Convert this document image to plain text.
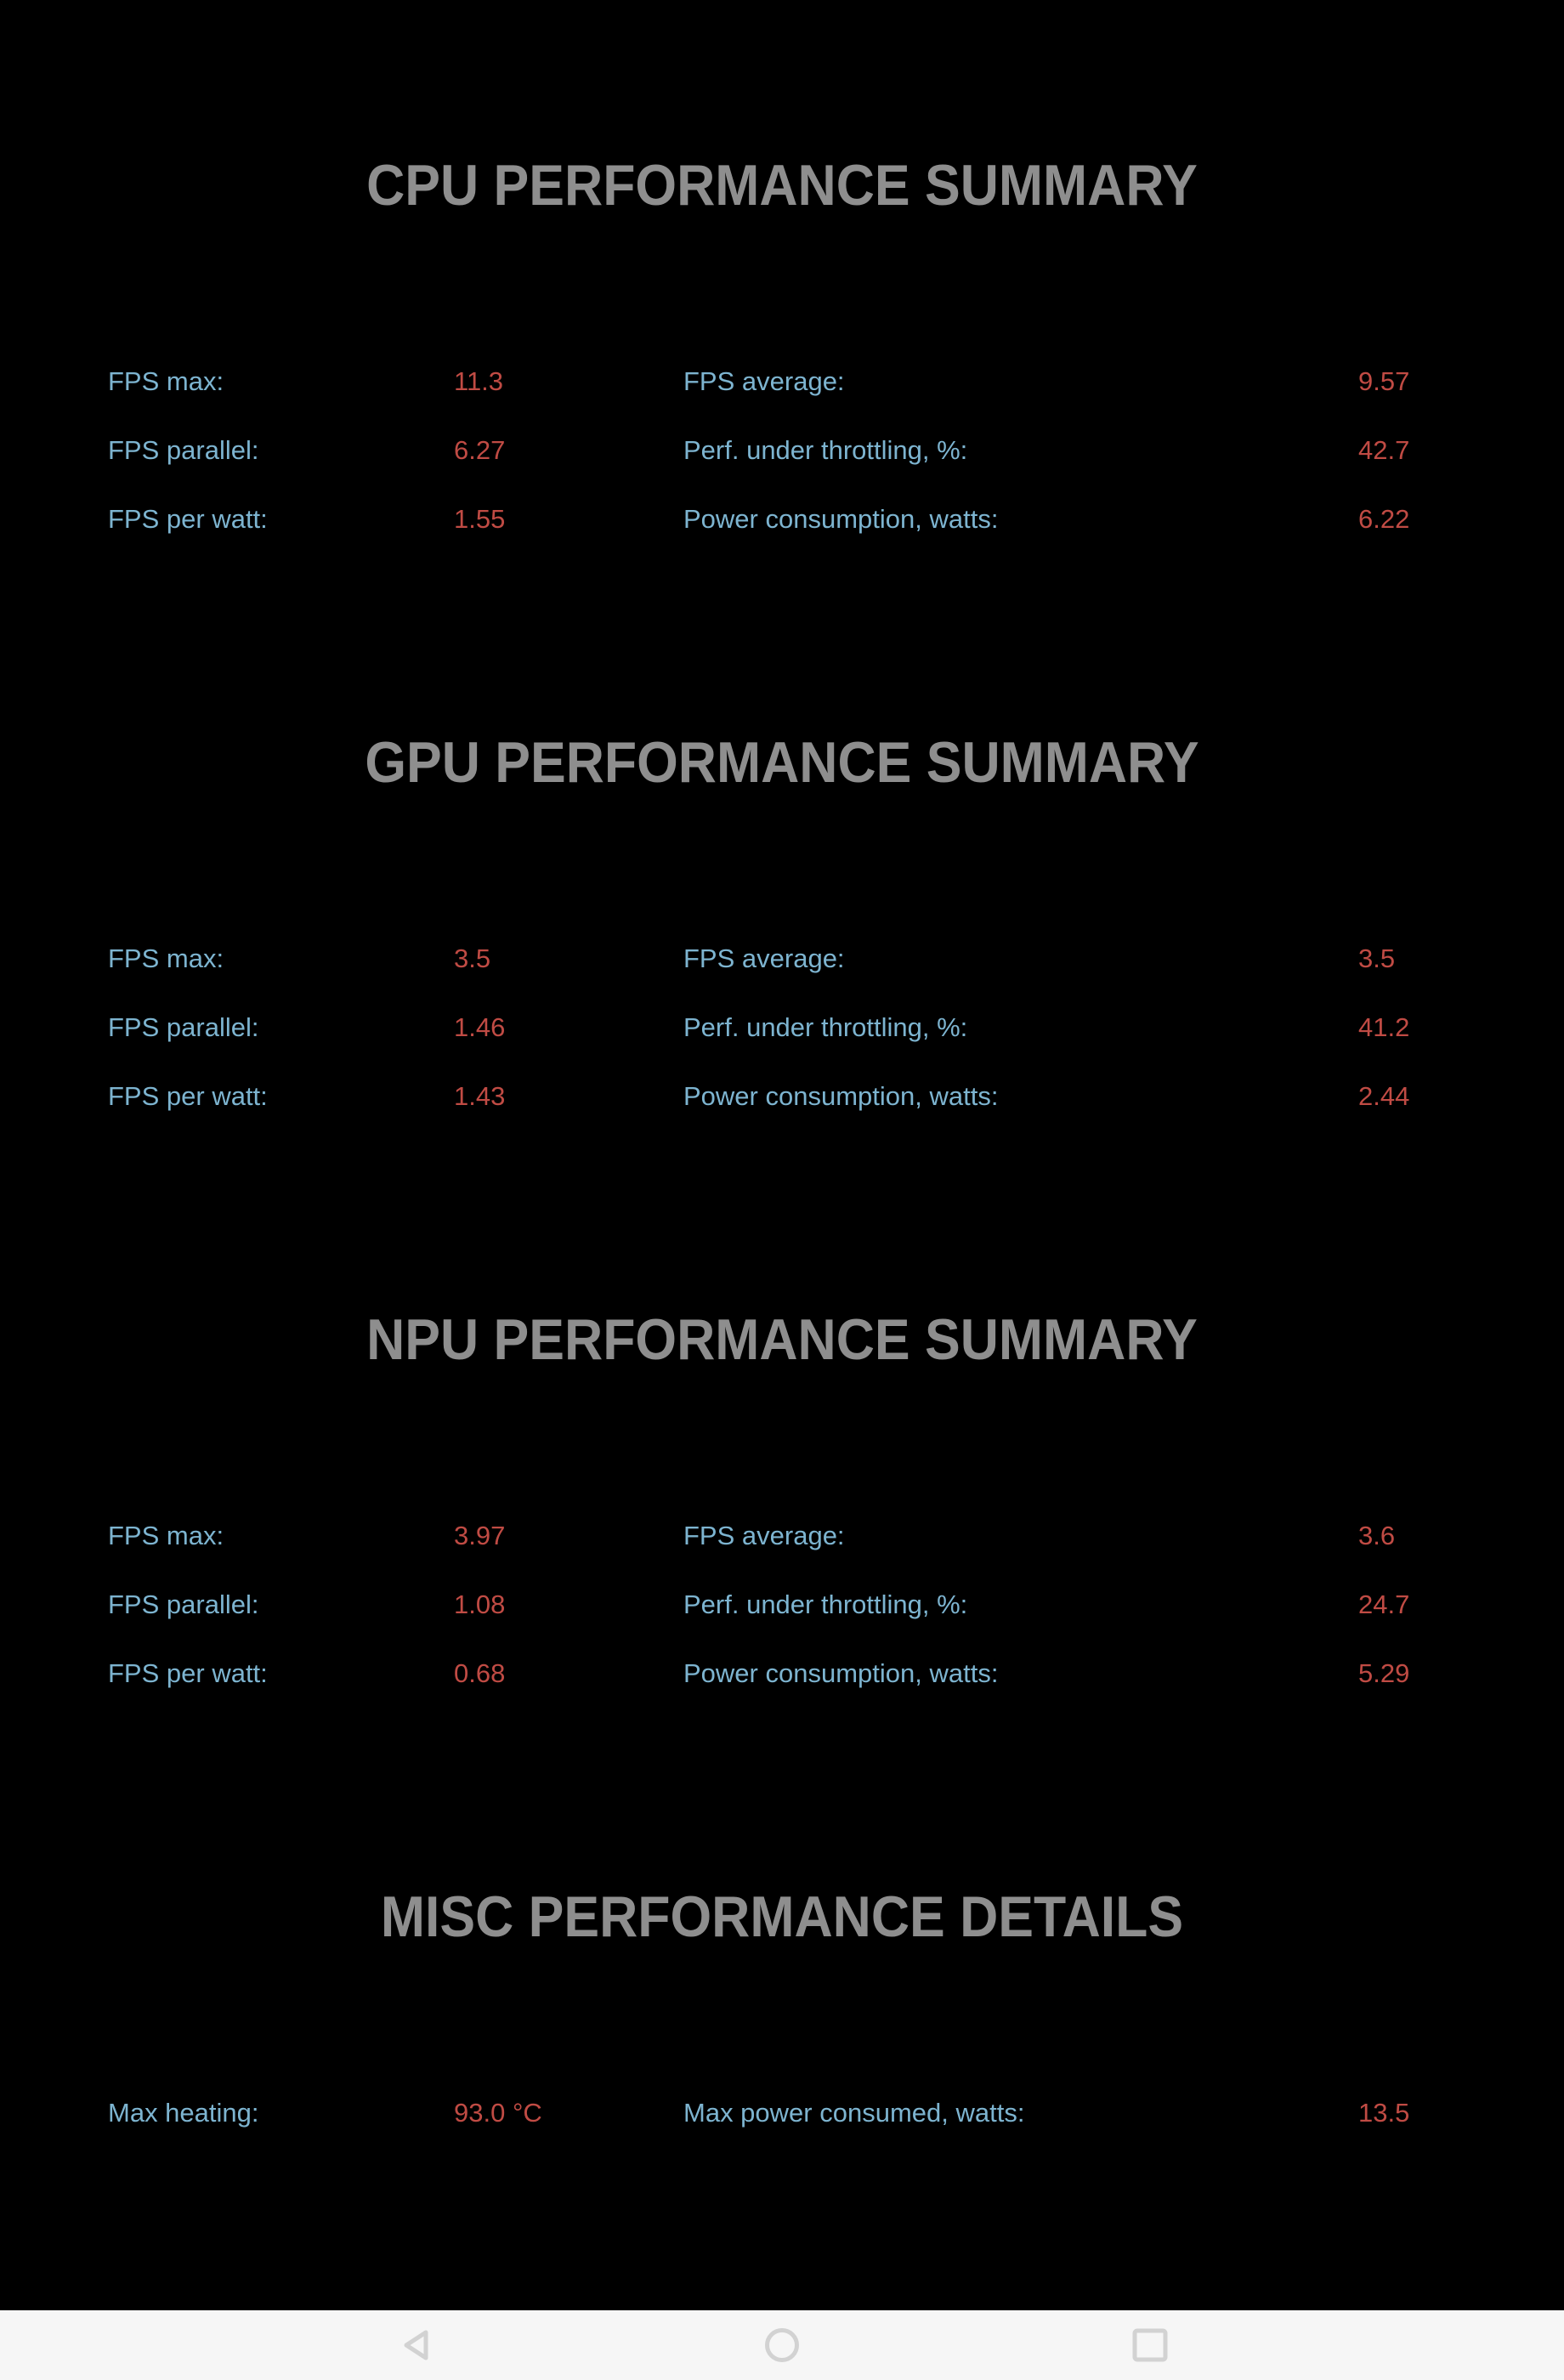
CPU PERFORMANCE SUMMARY
FPS max:	11.3	FPS average:	9.57
FPS parallel:	6.27	Perf. under throttling, %:	42.7
FPS per watt:	1.55	Power consumption, watts:	6.22
GPU PERFORMANCE SUMMARY
FPS max:	3.5	FPS average:	3.5
FPS parallel:	1.46	Perf. under throttling, %:	41.2
FPS per watt:	1.43	Power consumption, watts:	2.44
NPU PERFORMANCE SUMMARY
FPS max:	3.97	FPS average:	3.6
FPS parallel:	1.08	Perf. under throttling, %:	24.7
FPS per watt:	0.68	Power consumption, watts:	5.29
MISC PERFORMANCE DETAILS
Max heating:	93.0 °C	Max power consumed, watts:	13.5
